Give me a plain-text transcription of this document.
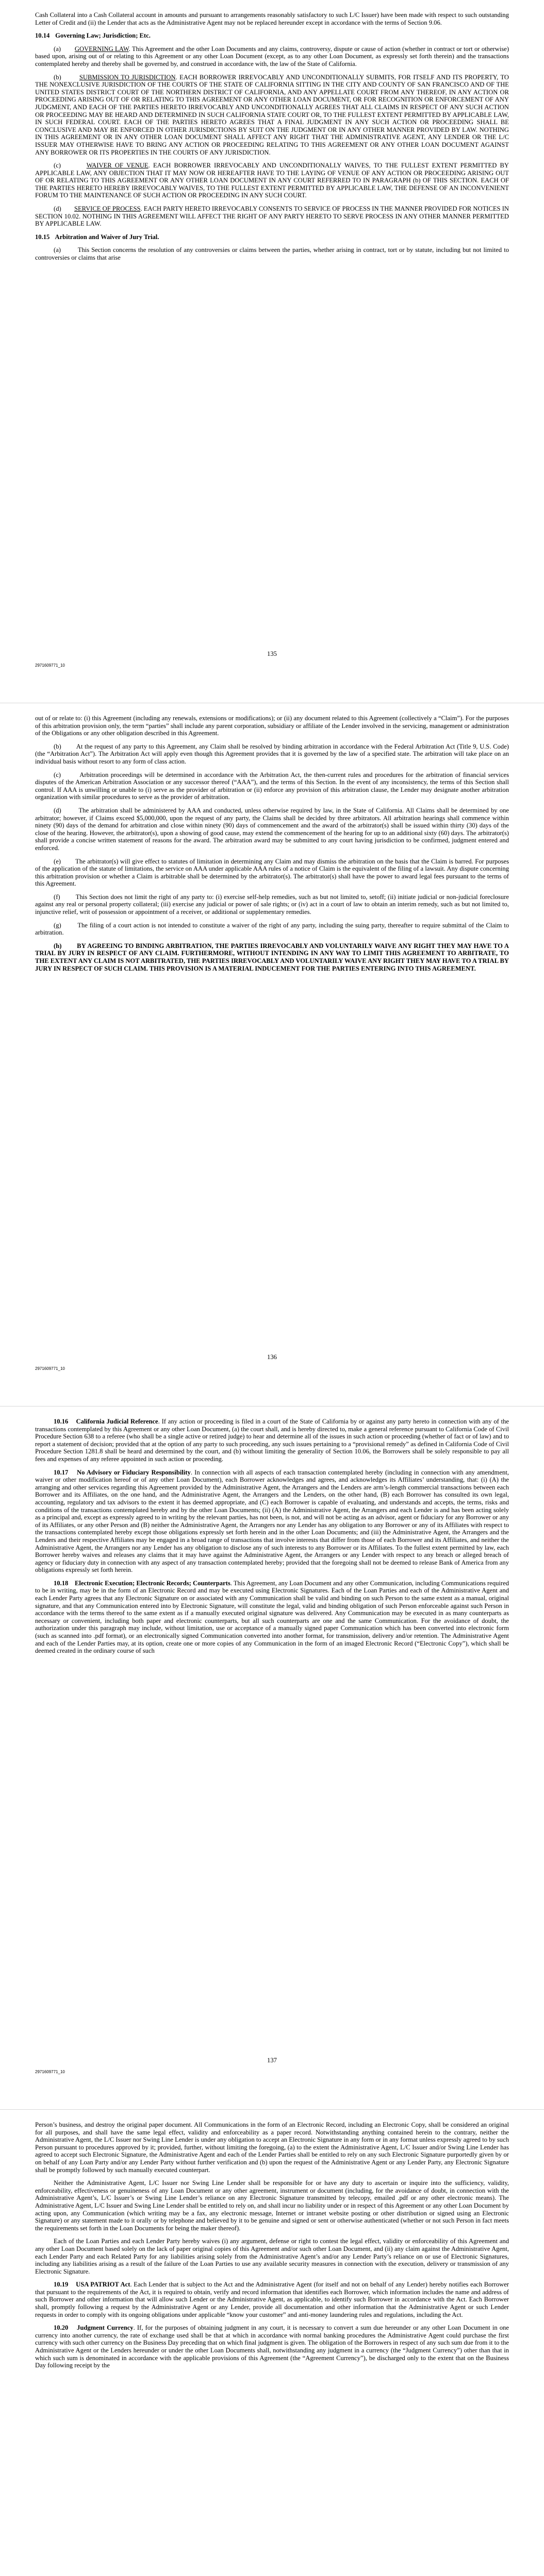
Cash Collateral into a Cash Collateral account in amounts and pursuant to arrangements reasonably satisfactory to such L/C Issuer) have been made with respect to such outstanding Letter of Credit and (ii) the Lender that acts as the Administrative Agent may not be replaced hereunder except in accordance with the terms of Section 9.06.

10.14 Governing Law; Jurisdiction; Etc.

(a) GOVERNING LAW. This Agreement and the other Loan Documents and any claims, controversy, dispute or cause of action (whether in contract or tort or otherwise) based upon, arising out of or relating to this Agreement or any other Loan Document (except, as to any other Loan Document, as expressly set forth therein) and the transactions contemplated hereby and thereby shall be governed by, and construed in accordance with, the law of the State of California.

(b)	SUBMISSION TO JURISDICTION. EACH BORROWER IRREVOCABLY AND UNCONDITIONALLY SUBMITS, FOR ITSELF AND ITS PROPERTY, TO THE NONEXCLUSIVE JURISDICTION OF THE COURTS OF THE STATE OF CALIFORNIA SITTING IN THE CITY AND COUNTY OF SAN FRANCISCO AND OF THE UNITED STATES DISTRICT COURT OF THE NORTHERN DISTRICT OF CALIFORNIA, AND ANY APPELLATE COURT FROM ANY THEREOF, IN ANY ACTION OR PROCEEDING ARISING OUT OF OR RELATING TO THIS AGREEMENT OR ANY OTHER LOAN DOCUMENT, OR FOR RECOGNITION OR ENFORCEMENT OF ANY JUDGMENT, AND EACH OF THE PARTIES HERETO IRREVOCABLY AND UNCONDITIONALLY AGREES THAT ALL CLAIMS IN RESPECT OF ANY SUCH ACTION OR PROCEEDING MAY BE HEARD AND DETERMINED IN SUCH CALIFORNIA STATE COURT OR, TO THE FULLEST EXTENT PERMITTED BY APPLICABLE LAW, IN SUCH FEDERAL COURT. EACH OF THE PARTIES HERETO AGREES THAT A FINAL JUDGMENT IN ANY SUCH ACTION OR PROCEEDING SHALL BE CONCLUSIVE AND MAY BE ENFORCED IN OTHER JURISDICTIONS BY SUIT ON THE JUDGMENT OR IN ANY OTHER MANNER PROVIDED BY LAW. NOTHING IN THIS AGREEMENT OR IN ANY OTHER LOAN DOCUMENT SHALL AFFECT ANY RIGHT THAT THE ADMINISTRATIVE AGENT, ANY LENDER OR THE L/C ISSUER MAY OTHERWISE HAVE TO BRING ANY ACTION OR PROCEEDING RELATING TO THIS AGREEMENT OR ANY OTHER LOAN DOCUMENT AGAINST ANY BORROWER OR ITS PROPERTIES IN THE COURTS OF ANY JURISDICTION.

(c)	WAIVER OF VENUE. EACH BORROWER IRREVOCABLY AND UNCONDITIONALLY WAIVES, TO THE FULLEST EXTENT PERMITTED BY APPLICABLE LAW, ANY OBJECTION THAT IT MAY NOW OR HEREAFTER HAVE TO THE LAYING OF VENUE OF ANY ACTION OR PROCEEDING ARISING OUT OF OR RELATING TO THIS AGREEMENT OR ANY OTHER LOAN DOCUMENT IN ANY COURT REFERRED TO IN PARAGRAPH (b) OF THIS SECTION. EACH OF THE PARTIES HERETO HEREBY IRREVOCABLY WAIVES, TO THE FULLEST EXTENT PERMITTED BY APPLICABLE LAW, THE DEFENSE OF AN INCONVENIENT FORUM TO THE MAINTENANCE OF SUCH ACTION OR PROCEEDING IN ANY SUCH COURT.

(d) SERVICE OF PROCESS. EACH PARTY HERETO IRREVOCABLY CONSENTS TO SERVICE OF PROCESS IN THE MANNER PROVIDED FOR NOTICES IN SECTION 10.02. NOTHING IN THIS AGREEMENT WILL AFFECT THE RIGHT OF ANY PARTY HERETO TO SERVE PROCESS IN ANY OTHER MANNER PERMITTED BY APPLICABLE LAW.

10.15 Arbitration and Waiver of Jury Trial.

(a)	This Section concerns the resolution of any controversies or claims between the parties, whether arising in contract, tort or by statute, including but not limited to controversies or claims that arise

135
2971609771_10

out of or relate to: (i) this Agreement (including any renewals, extensions or modifications); or (ii) any document related to this Agreement (collectively a “Claim”). For the purposes of this arbitration provision only, the term “parties” shall include any parent corporation, subsidiary or affiliate of the Lender involved in the servicing, management or administration of the Obligations or any other obligation described in this Agreement.

(b) At the request of any party to this Agreement, any Claim shall be resolved by binding arbitration in accordance with the Federal Arbitration Act (Title 9, U.S. Code) (the “Arbitration Act”). The Arbitration Act will apply even though this Agreement provides that it is governed by the law of a specified state. The arbitration will take place on an individual basis without resort to any form of class action.

(c)	Arbitration proceedings will be determined in accordance with the Arbitration Act, the then-current rules and procedures for the arbitration of financial services disputes of the American Arbitration Association or any successor thereof (“AAA”), and the terms of this Section. In the event of any inconsistency, the terms of this Section shall control. If AAA is unwilling or unable to (i) serve as the provider of arbitration or (ii) enforce any provision of this arbitration clause, the Lender may designate another arbitration organization with similar procedures to serve as the provider of arbitration.

(d)	The arbitration shall be administered by AAA and conducted, unless otherwise required by law, in the State of California. All Claims shall be determined by one arbitrator; however, if Claims exceed $5,000,000, upon the request of any party, the Claims shall be decided by three arbitrators. All arbitration hearings shall commence within ninety (90) days of the demand for arbitration and close within ninety (90) days of commencement and the award of the arbitrator(s) shall be issued within thirty (30) days of the close of the hearing. However, the arbitrator(s), upon a showing of good cause, may extend the commencement of the hearing for up to an additional sixty (60) days. The arbitrator(s) shall provide a concise written statement of reasons for the award. The arbitration award may be submitted to any court having jurisdiction to be confirmed, judgment entered and enforced.

(e) The arbitrator(s) will give effect to statutes of limitation in determining any Claim and may dismiss the arbitration on the basis that the Claim is barred. For purposes of the application of the statute of limitations, the service on AAA under applicable AAA rules of a notice of Claim is the equivalent of the filing of a lawsuit. Any dispute concerning this arbitration provision or whether a Claim is arbitrable shall be determined by the arbitrator(s). The arbitrator(s) shall have the power to award legal fees pursuant to the terms of this Agreement.

(f) This Section does not limit the right of any party to: (i) exercise self-help remedies, such as but not limited to, setoff; (ii) initiate judicial or non-judicial foreclosure against any real or personal property collateral; (iii) exercise any judicial or power of sale rights; or (iv) act in a court of law to obtain an interim remedy, such as but not limited to, injunctive relief, writ of possession or appointment of a receiver, or additional or supplementary remedies.

(g)	The filing of a court action is not intended to constitute a waiver of the right of any party, including the suing party, thereafter to require submittal of the Claim to arbitration.

(h) BY AGREEING TO BINDING ARBITRATION, THE PARTIES IRREVOCABLY AND VOLUNTARILY WAIVE ANY RIGHT THEY MAY HAVE TO A TRIAL BY JURY IN RESPECT OF ANY CLAIM. FURTHERMORE, WITHOUT INTENDING IN ANY WAY TO LIMIT THIS AGREEMENT TO ARBITRATE, TO THE EXTENT ANY CLAIM IS NOT ARBITRATED, THE PARTIES IRREVOCABLY AND VOLUNTARILY WAIVE ANY RIGHT THEY MAY HAVE TO A TRIAL BY JURY IN RESPECT OF SUCH CLAIM. THIS PROVISION IS A MATERIAL INDUCEMENT FOR THE PARTIES ENTERING INTO THIS AGREEMENT.

136
2971609771_10

10.16 California Judicial Reference. If any action or proceeding is filed in a court of the State of California by or against any party hereto in connection with any of the transactions contemplated by this Agreement or any other Loan Document, (a) the court shall, and is hereby directed to, make a general reference pursuant to California Code of Civil Procedure Section 638 to a referee (who shall be a single active or retired judge) to hear and determine all of the issues in such action or proceeding (whether of fact or of law) and to report a statement of decision; provided that at the option of any party to such proceeding, any such issues pertaining to a “provisional remedy” as defined in California Code of Civil Procedure Section 1281.8 shall be heard and determined by the court, and (b) without limiting the generality of Section 10.06, the Borrowers shall be solely responsible to pay all fees and expenses of any referee appointed in such action or proceeding.

10.17 No Advisory or Fiduciary Responsibility. In connection with all aspects of each transaction contemplated hereby (including in connection with any amendment, waiver or other modification hereof or of any other Loan Document), each Borrower acknowledges and agrees, and acknowledges its Affiliates’ understanding, that: (i) (A) the arranging and other services regarding this Agreement provided by the Administrative Agent, the Arrangers and the Lenders are arm’s-length commercial transactions between each Borrower and its Affiliates, on the one hand, and the Administrative Agent, the Arrangers and the Lenders, on the other hand, (B) each Borrower has consulted its own legal, accounting, regulatory and tax advisors to the extent it has deemed appropriate, and (C) each Borrower is capable of evaluating, and understands and accepts, the terms, risks and conditions of the transactions contemplated hereby and by the other Loan Documents; (ii) (A) the Administrative Agent, the Arrangers and each Lender is and has been acting solely as a principal and, except as expressly agreed to in writing by the relevant parties, has not been, is not, and will not be acting as an advisor, agent or fiduciary for any Borrower or any of its Affiliates, or any other Person and (B) neither the Administrative Agent, the Arrangers nor any Lender has any obligation to any Borrower or any of its Affiliates with respect to the transactions contemplated hereby except those obligations expressly set forth herein and in the other Loan Documents; and (iii) the Administrative Agent, the Arrangers and the Lenders and their respective Affiliates may be engaged in a broad range of transactions that involve interests that differ from those of each Borrower and its Affiliates, and neither the Administrative Agent, the Arrangers nor any Lender has any obligation to disclose any of such interests to any Borrower or its Affiliates. To the fullest extent permitted by law, each Borrower hereby waives and releases any claims that it may have against the Administrative Agent, the Arrangers or any Lender with respect to any breach or alleged breach of agency or fiduciary duty in connection with any aspect of any transaction contemplated hereby; provided that the foregoing shall not be deemed to release Bank of America from any obligations expressly set forth herein.

10.18 Electronic Execution; Electronic Records; Counterparts. This Agreement, any Loan Document and any other Communication, including Communications required to be in writing, may be in the form of an Electronic Record and may be executed using Electronic Signatures. Each of the Loan Parties and each of the Administrative Agent and each Lender Party agrees that any Electronic Signature on or associated with any Communication shall be valid and binding on such Person to the same extent as a manual, original signature, and that any Communication entered into by Electronic Signature, will constitute the legal, valid and binding obligation of such Person enforceable against such Person in accordance with the terms thereof to the same extent as if a manually executed original signature was delivered. Any Communication may be executed in as many counterparts as necessary or convenient, including both paper and electronic counterparts, but all such counterparts are one and the same Communication. For the avoidance of doubt, the authorization under this paragraph may include, without limitation, use or acceptance of a manually signed paper Communication which has been converted into electronic form (such as scanned into .pdf format), or an electronically signed Communication converted into another format, for transmission, delivery and/or retention. The Administrative Agent and each of the Lender Parties may, at its option, create one or more copies of any Communication in the form of an imaged Electronic Record (“Electronic Copy”), which shall be deemed created in the ordinary course of such

137
2971609771_10

Person’s business, and destroy the original paper document. All Communications in the form of an Electronic Record, including an Electronic Copy, shall be considered an original for all purposes, and shall have the same legal effect, validity and enforceability as a paper record. Notwithstanding anything contained herein to the contrary, neither the Administrative Agent, the L/C Issuer nor Swing Line Lender is under any obligation to accept an Electronic Signature in any form or in any format unless expressly agreed to by such Person pursuant to procedures approved by it; provided, further, without limiting the foregoing, (a) to the extent the Administrative Agent, L/C Issuer and/or Swing Line Lender has agreed to accept such Electronic Signature, the Administrative Agent and each of the Lender Parties shall be entitled to rely on any such Electronic Signature purportedly given by or on behalf of any Loan Party and/or any Lender Party without further verification and (b) upon the request of the Administrative Agent or any Lender Party, any Electronic Signature shall be promptly followed by such manually executed counterpart.

Neither the Administrative Agent, L/C Issuer nor Swing Line Lender shall be responsible for or have any duty to ascertain or inquire into the sufficiency, validity, enforceability, effectiveness or genuineness of any Loan Document or any other agreement, instrument or document (including, for the avoidance of doubt, in connection with the Administrative Agent’s, L/C Issuer’s or Swing Line Lender’s reliance on any Electronic Signature transmitted by telecopy, emailed .pdf or any other electronic means). The Administrative Agent, L/C Issuer and Swing Line Lender shall be entitled to rely on, and shall incur no liability under or in respect of this Agreement or any other Loan Document by acting upon, any Communication (which writing may be a fax, any electronic message, Internet or intranet website posting or other distribution or signed using an Electronic Signature) or any statement made to it orally or by telephone and believed by it to be genuine and signed or sent or otherwise authenticated (whether or not such Person in fact meets the requirements set forth in the Loan Documents for being the maker thereof).

Each of the Loan Parties and each Lender Party hereby waives (i) any argument, defense or right to contest the legal effect, validity or enforceability of this Agreement and any other Loan Document based solely on the lack of paper original copies of this Agreement and/or such other Loan Document, and (ii) any claim against the Administrative Agent, each Lender Party and each Related Party for any liabilities arising solely from the Administrative Agent’s and/or any Lender Party’s reliance on or use of Electronic Signatures, including any liabilities arising as a result of the failure of the Loan Parties to use any available security measures in connection with the execution, delivery or transmission of any Electronic Signature.

10.19 USA PATRIOT Act. Each Lender that is subject to the Act and the Administrative Agent (for itself and not on behalf of any Lender) hereby notifies each Borrower that pursuant to the requirements of the Act, it is required to obtain, verify and record information that identifies each Borrower, which information includes the name and address of such Borrower and other information that will allow such Lender or the Administrative Agent, as applicable, to identify such Borrower in accordance with the Act. Each Borrower shall, promptly following a request by the Administrative Agent or any Lender, provide all documentation and other information that the Administrative Agent or such Lender requests in order to comply with its ongoing obligations under applicable “know your customer” and anti-money laundering rules and regulations, including the Act.

10.20 Judgment Currency. If, for the purposes of obtaining judgment in any court, it is necessary to convert a sum due hereunder or any other Loan Document in one currency into another currency, the rate of exchange used shall be that at which in accordance with normal banking procedures the Administrative Agent could purchase the first currency with such other currency on the Business Day preceding that on which final judgment is given. The obligation of the Borrowers in respect of any such sum due from it to the Administrative Agent or the Lenders hereunder or under the other Loan Documents shall, notwithstanding any judgment in a currency (the “Judgment Currency”) other than that in which such sum is denominated in accordance with the applicable provisions of this Agreement (the “Agreement Currency”), be discharged only to the extent that on the Business Day following receipt by the
